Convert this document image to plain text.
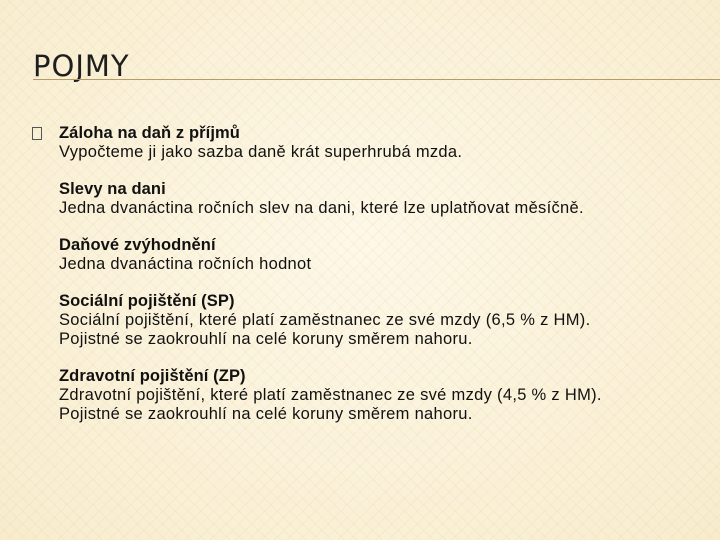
POJMY
Záloha na daň z příjmů
Vypočteme ji jako sazba daně krát superhrubá mzda.
Slevy na dani
Jedna dvanáctina ročních slev na dani, které lze uplatňovat měsíčně.
Daňové zvýhodnění
Jedna dvanáctina ročních hodnot
Sociální pojištění (SP)
Sociální pojištění, které platí zaměstnanec ze své mzdy (6,5 % z HM).
Pojistné se zaokrouhlí na celé koruny směrem nahoru.
Zdravotní pojištění (ZP)
Zdravotní pojištění, které platí zaměstnanec ze své mzdy (4,5 % z HM).
Pojistné se zaokrouhlí na celé koruny směrem nahoru.
